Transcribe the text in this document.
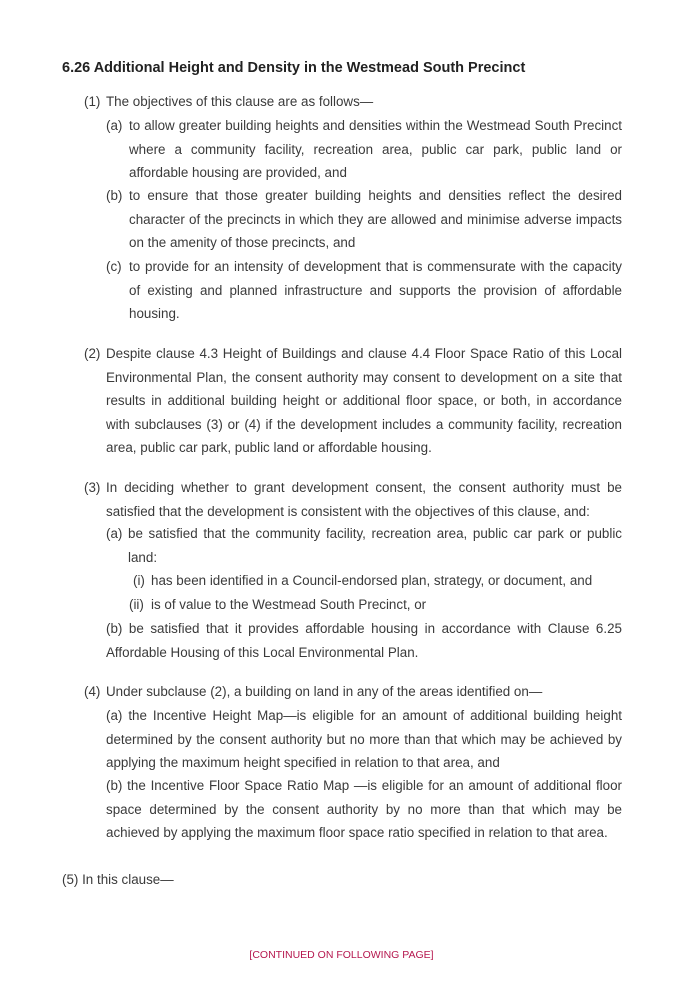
6.26 Additional Height and Density in the Westmead South Precinct
(1) The objectives of this clause are as follows—
(a) to allow greater building heights and densities within the Westmead South Precinct where a community facility, recreation area, public car park, public land or affordable housing are provided, and
(b) to ensure that those greater building heights and densities reflect the desired character of the precincts in which they are allowed and minimise adverse impacts on the amenity of those precincts, and
(c) to provide for an intensity of development that is commensurate with the capacity of existing and planned infrastructure and supports the provision of affordable housing.
(2) Despite clause 4.3 Height of Buildings and clause 4.4 Floor Space Ratio of this Local Environmental Plan, the consent authority may consent to development on a site that results in additional building height or additional floor space, or both, in accordance with subclauses (3) or (4) if the development includes a community facility, recreation area, public car park, public land or affordable housing.
(3) In deciding whether to grant development consent, the consent authority must be satisfied that the development is consistent with the objectives of this clause, and:
(a) be satisfied that the community facility, recreation area, public car park or public land:
(i) has been identified in a Council-endorsed plan, strategy, or document, and
(ii) is of value to the Westmead South Precinct, or
(b) be satisfied that it provides affordable housing in accordance with Clause 6.25 Affordable Housing of this Local Environmental Plan.
(4) Under subclause (2), a building on land in any of the areas identified on—
(a) the Incentive Height Map—is eligible for an amount of additional building height determined by the consent authority but no more than that which may be achieved by applying the maximum height specified in relation to that area, and
(b) the Incentive Floor Space Ratio Map —is eligible for an amount of additional floor space determined by the consent authority by no more than that which may be achieved by applying the maximum floor space ratio specified in relation to that area.
(5) In this clause—
[CONTINUED ON FOLLOWING PAGE]
